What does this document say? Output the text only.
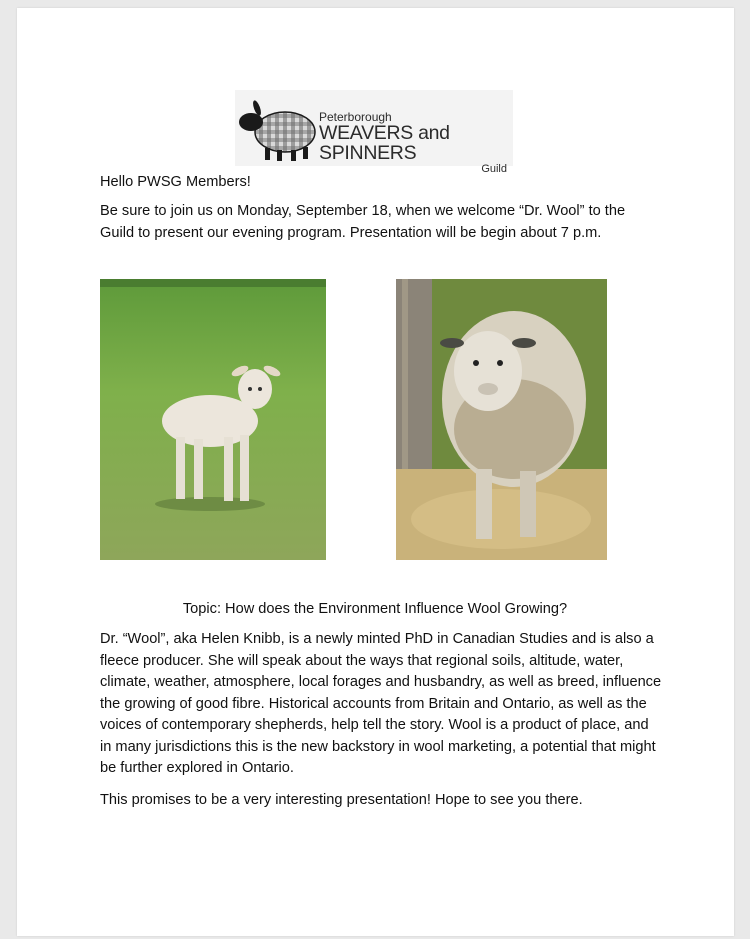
Peterborough
WEAVERS and SPINNERS
Guild

Hello PWSG Members!

Be sure to join us on Monday, September 18, when we welcome “Dr. Wool” to the Guild to present our evening program. Presentation will be begin about 7 p.m.

Topic: How does the Environment Influence Wool Growing?

Dr. “Wool”, aka Helen Knibb, is a newly minted PhD in Canadian Studies and is also a fleece producer. She will speak about the ways that regional soils, altitude, water, climate, weather, atmosphere, local forages and husbandry, as well as breed, influence the growing of good fibre. Historical accounts from Britain and Ontario, as well as the voices of contemporary shepherds, help tell the story. Wool is a product of place, and in many jurisdictions this is the new backstory in wool marketing, a potential that might be further explored in Ontario.

This promises to be a very interesting presentation! Hope to see you there.
